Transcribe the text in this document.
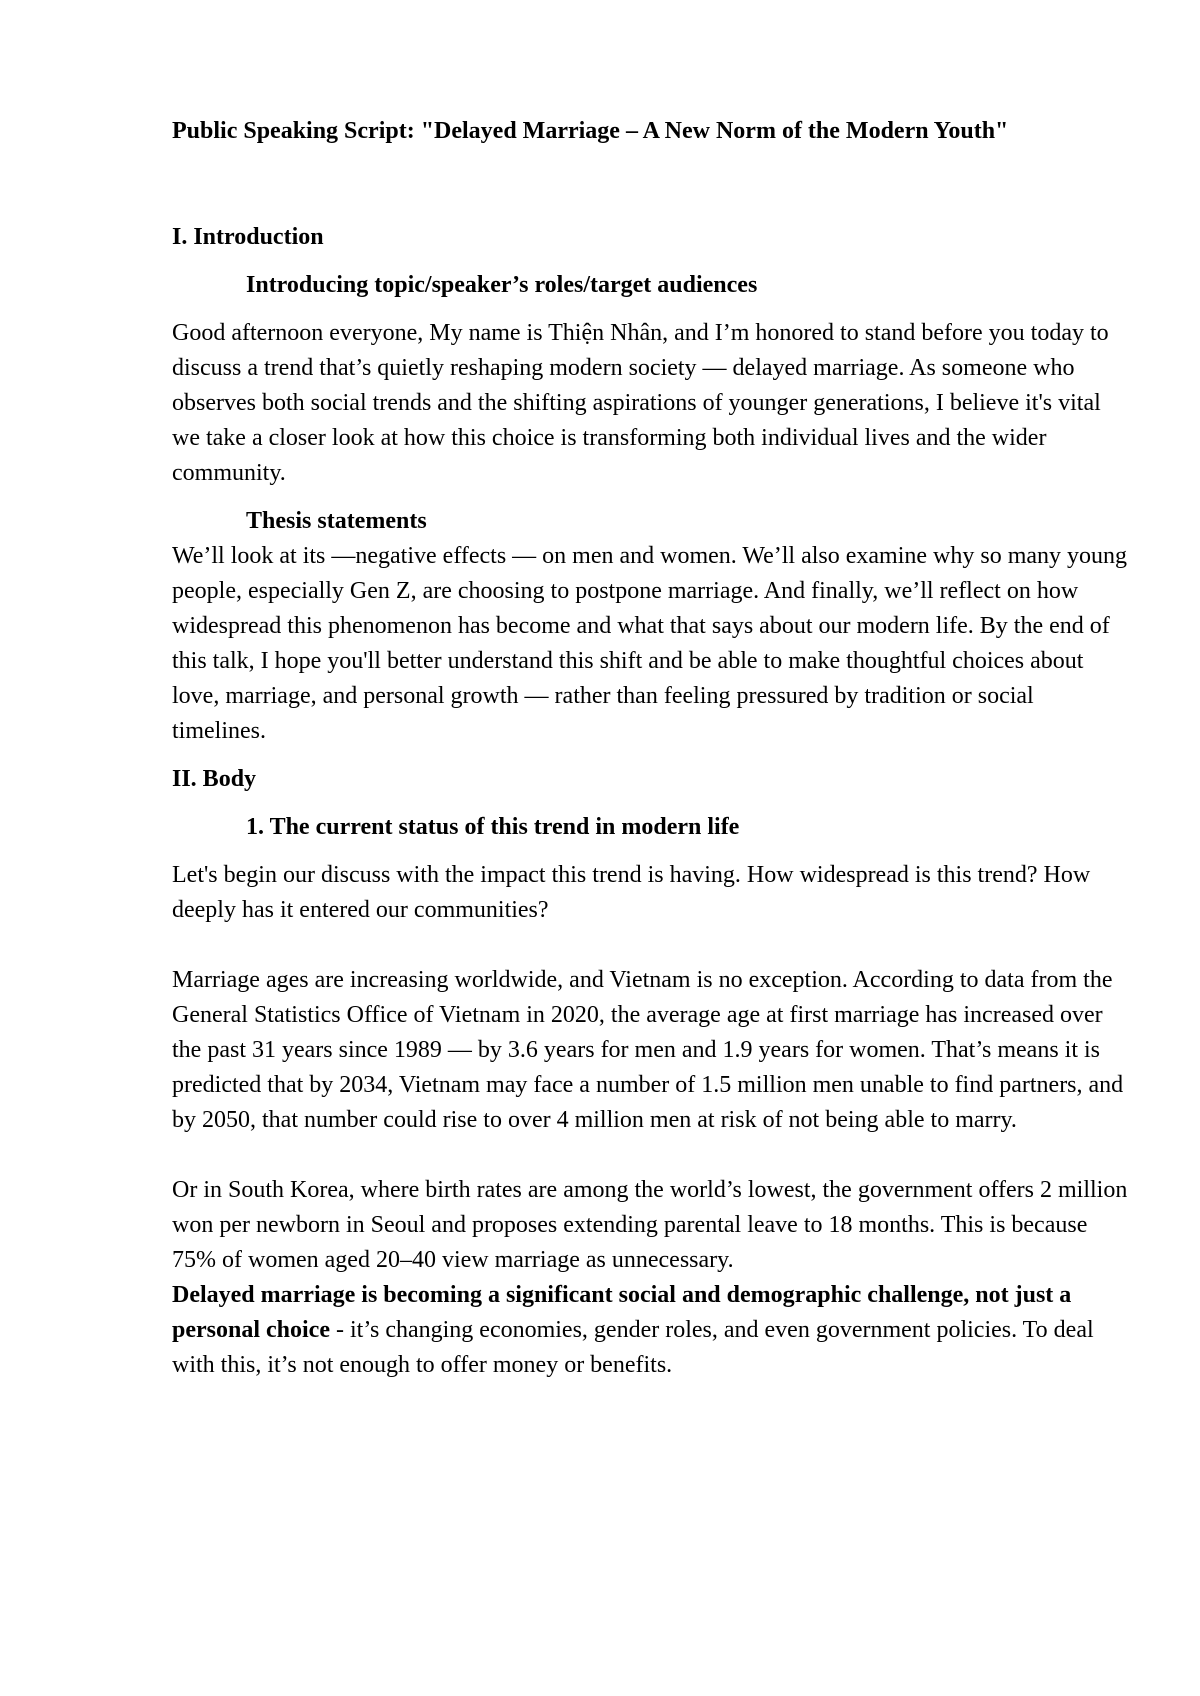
Public Speaking Script: "Delayed Marriage – A New Norm of the Modern Youth"
I. Introduction
Introducing topic/speaker’s roles/target audiences

Good afternoon everyone, My name is Thiện Nhân, and I’m honored to stand before you today to discuss a trend that’s quietly reshaping modern society — delayed marriage. As someone who observes both social trends and the shifting aspirations of younger generations, I believe it's vital we take a closer look at how this choice is transforming both individual lives and the wider community.

Thesis statements

We’ll look at its —negative effects — on men and women. We’ll also examine why so many young people, especially Gen Z, are choosing to postpone marriage. And finally, we’ll reflect on how widespread this phenomenon has become and what that says about our modern life. By the end of this talk, I hope you'll better understand this shift and be able to make thoughtful choices about love, marriage, and personal growth — rather than feeling pressured by tradition or social timelines.

II. Body
1. The current status of this trend in modern life

Let's begin our discuss with the impact this trend is having. How widespread is this trend? How deeply has it entered our communities?

Marriage ages are increasing worldwide, and Vietnam is no exception. According to data from the General Statistics Office of Vietnam in 2020, the average age at first marriage has increased over the past 31 years since 1989 — by 3.6 years for men and 1.9 years for women. That’s means it is predicted that by 2034, Vietnam may face a number of 1.5 million men unable to find partners, and by 2050, that number could rise to over 4 million men at risk of not being able to marry.

Or in South Korea, where birth rates are among the world’s lowest, the government offers 2 million won per newborn in Seoul and proposes extending parental leave to 18 months. This is because 75% of women aged 20–40 view marriage as unnecessary.

Delayed marriage is becoming a significant social and demographic challenge, not just a personal choice - it’s changing economies, gender roles, and even government policies. To deal with this, it’s not enough to offer money or benefits.
